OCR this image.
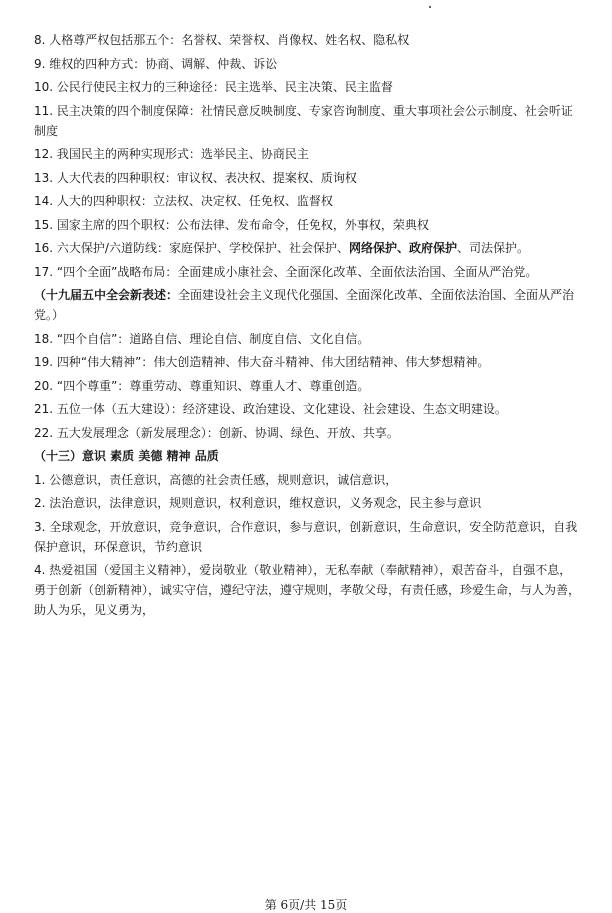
8. 人格尊严权包括那五个：名誉权、荣誉权、肖像权、姓名权、隐私权

9. 维权的四种方式：协商、调解、仲裁、诉讼

10. 公民行使民主权力的三种途径：民主选举、民主决策、民主监督

11. 民主决策的四个制度保障：社情民意反映制度、专家咨询制度、重大事项社会公示制度、社会听证制度

12. 我国民主的两种实现形式：选举民主、协商民主

13. 人大代表的四种职权：审议权、表决权、提案权、质询权

14. 人大的四种职权：立法权、决定权、任免权、监督权

15. 国家主席的四个职权：公布法律、发布命令，任免权，外事权，荣典权

16. 六大保护/六道防线：家庭保护、学校保护、社会保护、网络保护、政府保护、司法保护。

17. “四个全面”战略布局：全面建成小康社会、全面深化改革、全面依法治国、全面从严治党。

（十九届五中全会新表述：全面建设社会主义现代化强国、全面深化改革、全面依法治国、全面从严治党。）

18. “四个自信”：道路自信、理论自信、制度自信、文化自信。

19. 四种“伟大精神”：伟大创造精神、伟大奋斗精神、伟大团结精神、伟大梦想精神。

20. “四个尊重”：尊重劳动、尊重知识、尊重人才、尊重创造。

21. 五位一体（五大建设）：经济建设、政治建设、文化建设、社会建设、生态文明建设。

22. 五大发展理念（新发展理念）：创新、协调、绿色、开放、共享。

（十三）意识 素质 美德 精神 品质

1. 公德意识，责任意识，高德的社会责任感，规则意识，诚信意识，

2. 法治意识，法律意识，规则意识，权利意识，维权意识，义务观念，民主参与意识

3. 全球观念，开放意识，竞争意识，合作意识，参与意识，创新意识，生命意识，安全防范意识，自我保护意识，环保意识，节约意识

4. 热爱祖国（爱国主义精神），爱岗敬业（敬业精神），无私奉献（奉献精神），艰苦奋斗，自强不息，勇于创新（创新精神），诚实守信，遵纪守法，遵守规则，孝敬父母，有责任感，珍爱生命，与人为善，助人为乐，见义勇为，

第 6页/共 15页
